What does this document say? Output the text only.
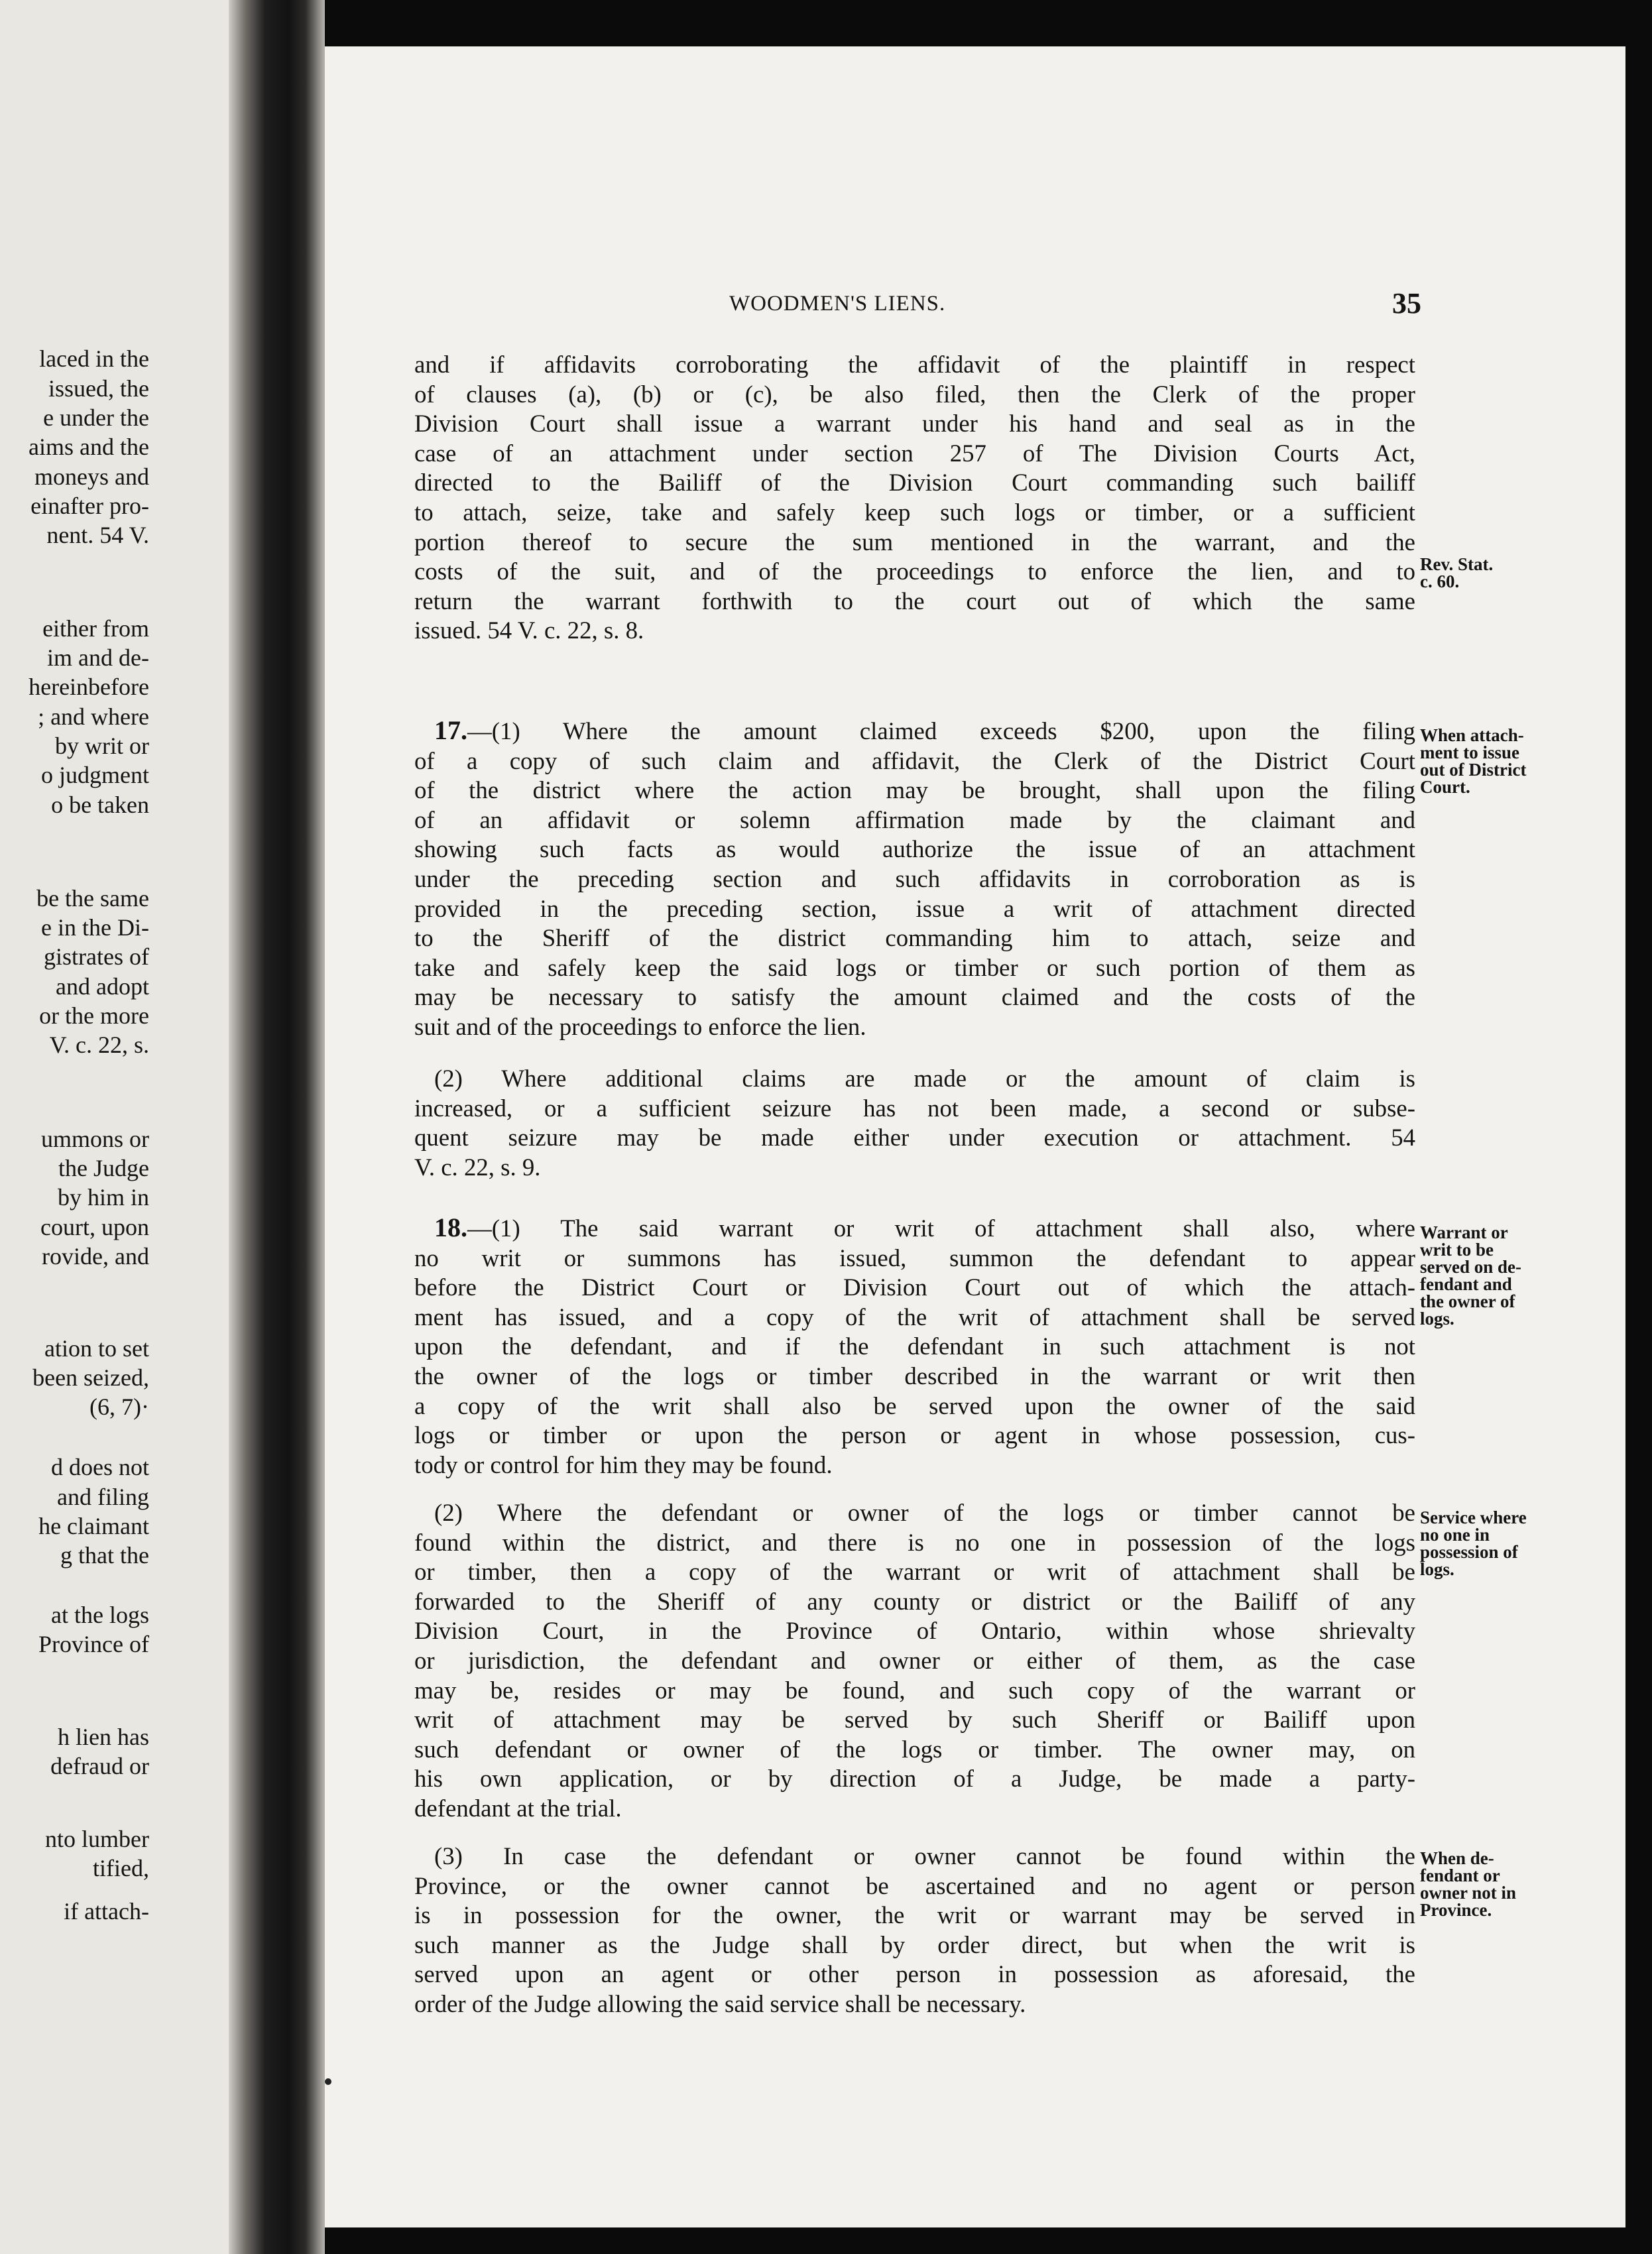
laced in the
issued, the
e under the
aims and the
moneys and
einafter pro-
nent. 54 V.
either from
im and de-
hereinbefore
; and where
by writ or
o judgment
o be taken
be the same
e in the Di-
gistrates of
and adopt
or the more
V. c. 22, s.
ummons or
the Judge
by him in
court, upon
rovide, and
ation to set
been seized,
(6, 7)·
d does not
and filing
he claimant
g that the
at the logs
Province of
h lien has
defraud or
nto lumber
tified,
if attach-
WOODMEN'S LIENS.	35
and if affidavits corroborating the affidavit of the plaintiff in respect
of clauses (a), (b) or (c), be also filed, then the Clerk of the proper
Division Court shall issue a warrant under his hand and seal as in the
case of an attachment under section 257 of The Division Courts Act,
directed to the Bailiff of the Division Court commanding such bailiff
to attach, seize, take and safely keep such logs or timber, or a sufficient
portion thereof to secure the sum mentioned in the warrant, and the
costs of the suit, and of the proceedings to enforce the lien, and to
return the warrant forthwith to the court out of which the same
issued. 54 V. c. 22, s. 8.
17.—(1) Where the amount claimed exceeds $200, upon the filing
of a copy of such claim and affidavit, the Clerk of the District Court
of the district where the action may be brought, shall upon the filing
of an affidavit or solemn affirmation made by the claimant and
showing such facts as would authorize the issue of an attachment
under the preceding section and such affidavits in corroboration as is
provided in the preceding section, issue a writ of attachment directed
to the Sheriff of the district commanding him to attach, seize and
take and safely keep the said logs or timber or such portion of them as
may be necessary to satisfy the amount claimed and the costs of the
suit and of the proceedings to enforce the lien.
(2) Where additional claims are made or the amount of claim is
increased, or a sufficient seizure has not been made, a second or subse-
quent seizure may be made either under execution or attachment. 54
V. c. 22, s. 9.
18.—(1) The said warrant or writ of attachment shall also, where
no writ or summons has issued, summon the defendant to appear
before the District Court or Division Court out of which the attach-
ment has issued, and a copy of the writ of attachment shall be served
upon the defendant, and if the defendant in such attachment is not
the owner of the logs or timber described in the warrant or writ then
a copy of the writ shall also be served upon the owner of the said
logs or timber or upon the person or agent in whose possession, cus-
tody or control for him they may be found.
(2) Where the defendant or owner of the logs or timber cannot be
found within the district, and there is no one in possession of the logs
or timber, then a copy of the warrant or writ of attachment shall be
forwarded to the Sheriff of any county or district or the Bailiff of any
Division Court, in the Province of Ontario, within whose shrievalty
or jurisdiction, the defendant and owner or either of them, as the case
may be, resides or may be found, and such copy of the warrant or
writ of attachment may be served by such Sheriff or Bailiff upon
such defendant or owner of the logs or timber. The owner may, on
his own application, or by direction of a Judge, be made a party-
defendant at the trial.
(3) In case the defendant or owner cannot be found within the
Province, or the owner cannot be ascertained and no agent or person
is in possession for the owner, the writ or warrant may be served in
such manner as the Judge shall by order direct, but when the writ is
served upon an agent or other person in possession as aforesaid, the
order of the Judge allowing the said service shall be necessary.
Rev. Stat.
c. 60.
When attach-
ment to issue
out of District
Court.
Warrant or
writ to be
served on de-
fendant and
the owner of
logs.
Service where
no one in
possession of
logs.
When de-
fendant or
owner not in
Province.
